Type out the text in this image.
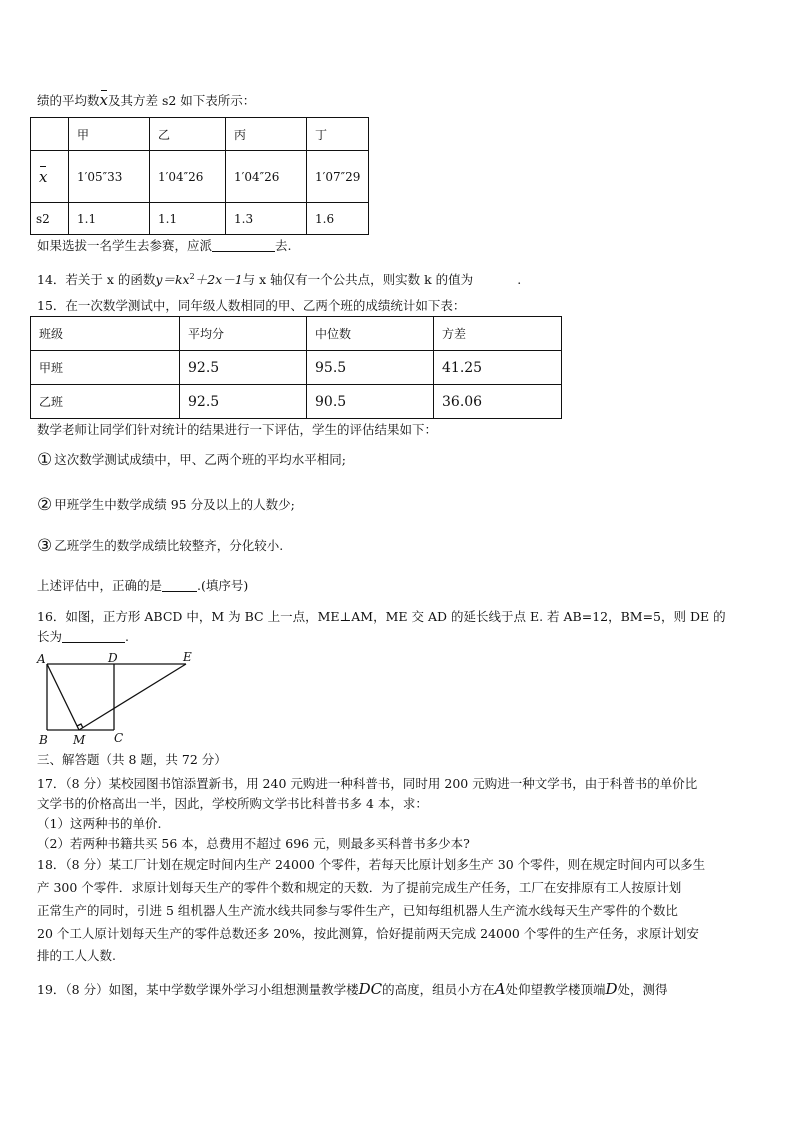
绩的平均数x及其方差 s2 如下表所示：
	甲	乙	丙	丁
x	1′05″33	1′04″26	1′04″26	1′07″29
s2	1.1	1.1	1.3	1.6
如果选拔一名学生去参赛，应派	去.
14．若关于 x 的函数$y=kx^2+2x-1$与 x 轴仅有一个公共点，则实数 k 的值为	.
15．在一次数学测试中，同年级人数相同的甲、乙两个班的成绩统计如下表：
班级	平均分	中位数	方差
甲班	92.5	95.5	41.25
乙班	92.5	90.5	36.06
数学老师让同学们针对统计的结果进行一下评估，学生的评估结果如下：
① 这次数学测试成绩中，甲、乙两个班的平均水平相同;
② 甲班学生中数学成绩 95 分及以上的人数少;
③ 乙班学生的数学成绩比较整齐，分化较小.
上述评估中，正确的是	.(填序号)
16．如图，正方形 ABCD 中，M 为 BC 上一点，ME⊥AM，ME 交 AD 的延长线于点 E. 若 AB=12，BM=5，则 DE 的
长为	.
A	D	E
B M C
三、解答题（共 8 题，共 72 分）
17．（8 分）某校园图书馆添置新书，用 240 元购进一种科普书，同时用 200 元购进一种文学书，由于科普书的单价比
文学书的价格高出一半，因此，学校所购文学书比科普书多 4 本，求：
（1）这两种书的单价.
（2）若两种书籍共买 56 本，总费用不超过 696 元，则最多买科普书多少本?
18．（8 分）某工厂计划在规定时间内生产 24000 个零件，若每天比原计划多生产 30 个零件，则在规定时间内可以多生
产 300 个零件．求原计划每天生产的零件个数和规定的天数．为了提前完成生产任务，工厂在安排原有工人按原计划
正常生产的同时，引进 5 组机器人生产流水线共同参与零件生产，已知每组机器人生产流水线每天生产零件的个数比
20 个工人原计划每天生产的零件总数还多 20%，按此测算，恰好提前两天完成 24000 个零件的生产任务，求原计划安
排的工人人数.
19．（8 分）如图，某中学数学课外学习小组想测量教学楼DC的高度，组员小方在A处仰望教学楼顶端D处，测得
